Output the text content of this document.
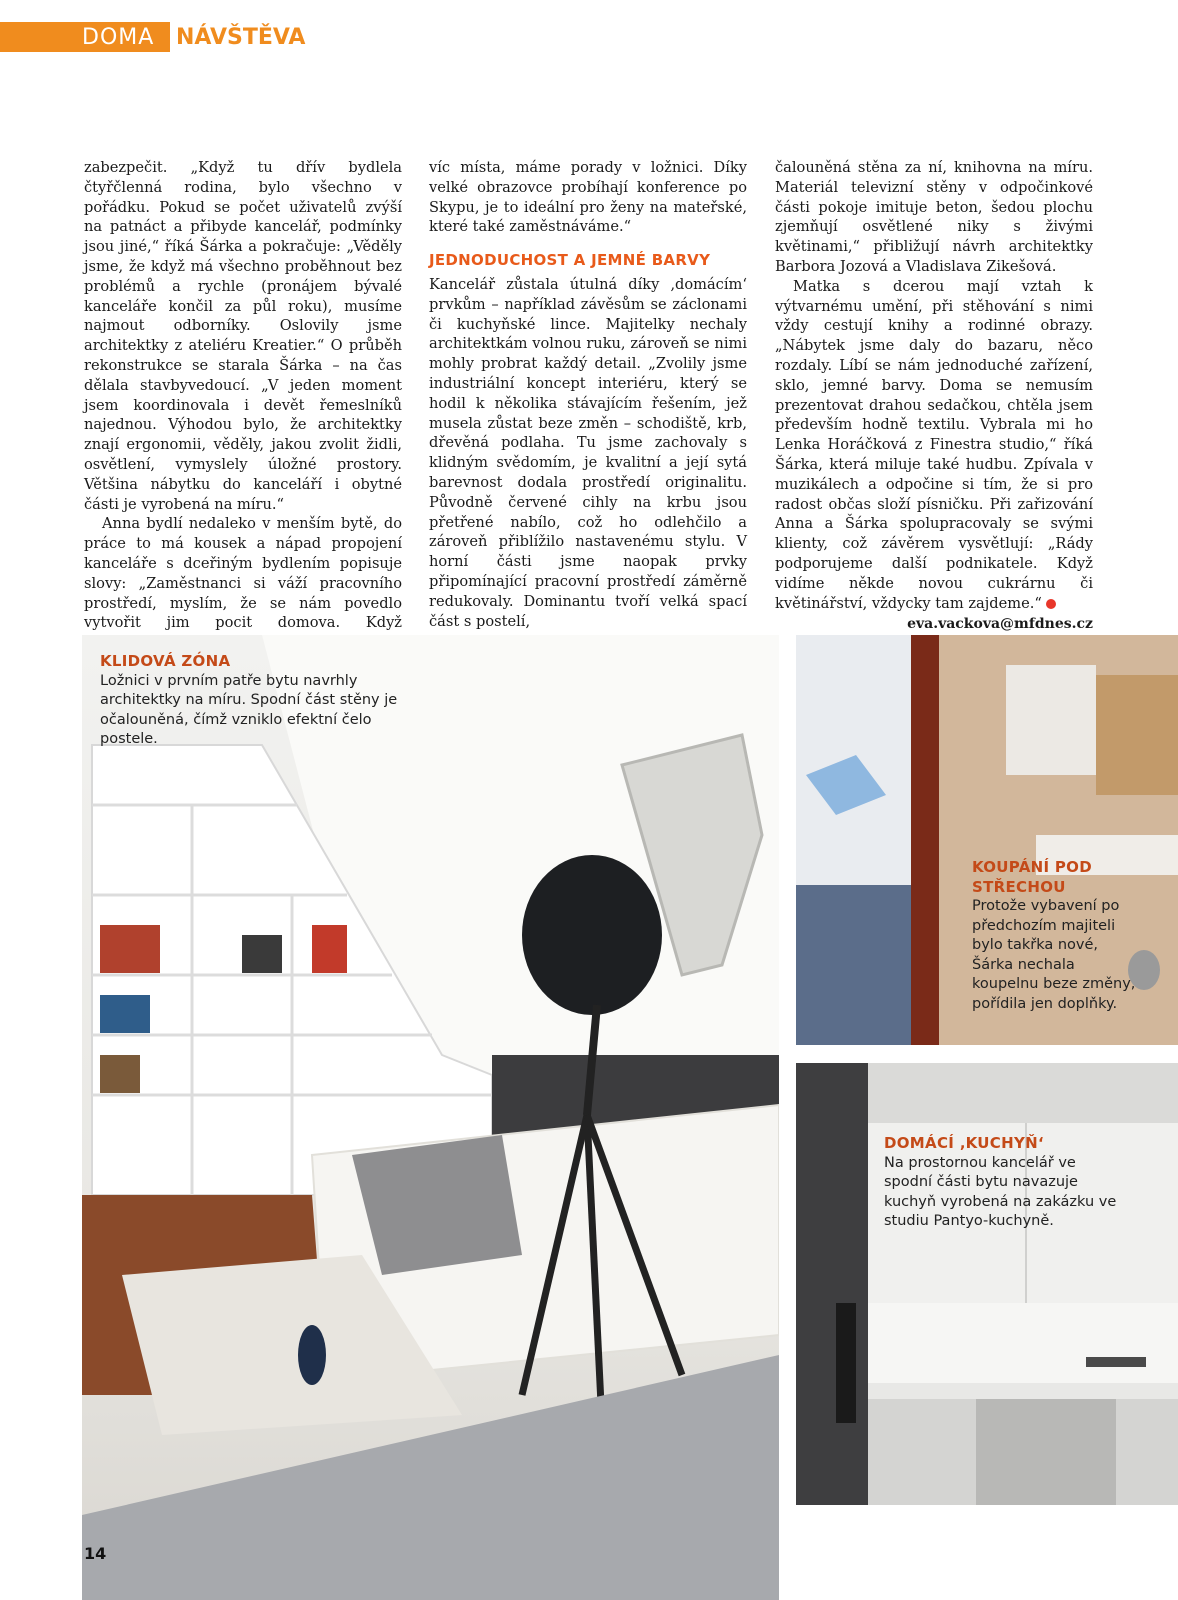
DOMA NÁVŠTĚVA

zabezpečit. „Když tu dřív bydlela čtyřčlenná rodina, bylo všechno v pořádku. Pokud se počet uživatelů zvýší na patnáct a přibyde kancelář, podmínky jsou jiné,“ říká Šárka a pokračuje: „Věděly jsme, že když má všechno proběhnout bez problémů a rychle (pronájem bývalé kanceláře končil za půl roku), musíme najmout odborníky. Oslovily jsme architektky z ateliéru Kreatier.“ O průběh rekonstrukce se starala Šárka – na čas dělala stavbyvedoucí. „V jeden moment jsem koordinovala i devět řemeslníků najednou. Výhodou bylo, že architektky znají ergonomii, věděly, jakou zvolit židli, osvětlení, vymyslely úložné prostory. Většina nábytku do kanceláří i obytné části je vyrobená na míru.“

Anna bydlí nedaleko v menším bytě, do práce to má kousek a nápad propojení kanceláře s dceřiným bydlením popisuje slovy: „Zaměstnanci si váží pracovního prostředí, myslím, že se nám povedlo vytvořit jim pocit domova. Když

víc místa, máme porady v ložnici. Díky velké obrazovce probíhají konference po Skypu, je to ideální pro ženy na mateřské, které také zaměstnáváme.“

JEDNODUCHOST A JEMNÉ BARVY

Kancelář zůstala útulná díky ‚domácím‘ prvkům – například závěsům se záclonami či kuchyňské lince. Majitelky nechaly architektkám volnou ruku, zároveň se nimi mohly probrat každý detail. „Zvolily jsme industriální koncept interiéru, který se hodil k několika stávajícím řešením, jež musela zůstat beze změn – schodiště, krb, dřevěná podlaha. Tu jsme zachovaly s klidným svědomím, je kvalitní a její sytá barevnost dodala prostředí originalitu. Původně červené cihly na krbu jsou přetřené nabílo, což ho odlehčilo a zároveň přiblížilo nastavenému stylu. V horní části jsme naopak prvky připomínající pracovní prostředí záměrně redukovaly. Dominantu tvoří velká spací část s postelí,

čalouněná stěna za ní, knihovna na míru. Materiál televizní stěny v odpočinkové části pokoje imituje beton, šedou plochu zjemňují osvětlené niky s živými květinami,“ přibližují návrh architektky Barbora Jozová a Vladislava Zikešová.

Matka s dcerou mají vztah k výtvarnému umění, při stěhování s nimi vždy cestují knihy a rodinné obrazy. „Nábytek jsme daly do bazaru, něco rozdaly. Líbí se nám jednoduché zařízení, sklo, jemné barvy. Doma se nemusím prezentovat drahou sedačkou, chtěla jsem především hodně textilu. Vybrala mi ho Lenka Horáčková z Finestra studio,“ říká Šárka, která miluje také hudbu. Zpívala v muzikálech a odpočine si tím, že si pro radost občas složí písničku. Při zařizování Anna a Šárka spolupracovaly se svými klienty, což závěrem vysvětlují: „Rády podporujeme další podnikatele. Když vidíme někde novou cukrárnu či květinářství, vždycky tam zajdeme.“

eva.vackova@mfdnes.cz
KLIDOVÁ ZÓNA
Ložnici v prvním patře bytu navrhly architektky na míru. Spodní část stěny je očalouněná, čímž vzniklo efektní čelo postele.
KOUPÁNÍ POD STŘECHOU
Protože vybavení po předchozím majiteli bylo takřka nové, Šárka nechala koupelnu beze změny, pořídila jen doplňky.
DOMÁCÍ ‚KUCHYŇ‘
Na prostornou kancelář ve spodní části bytu navazuje kuchyň vyrobená na zakázku ve studiu Pantyo-kuchyně.
14
